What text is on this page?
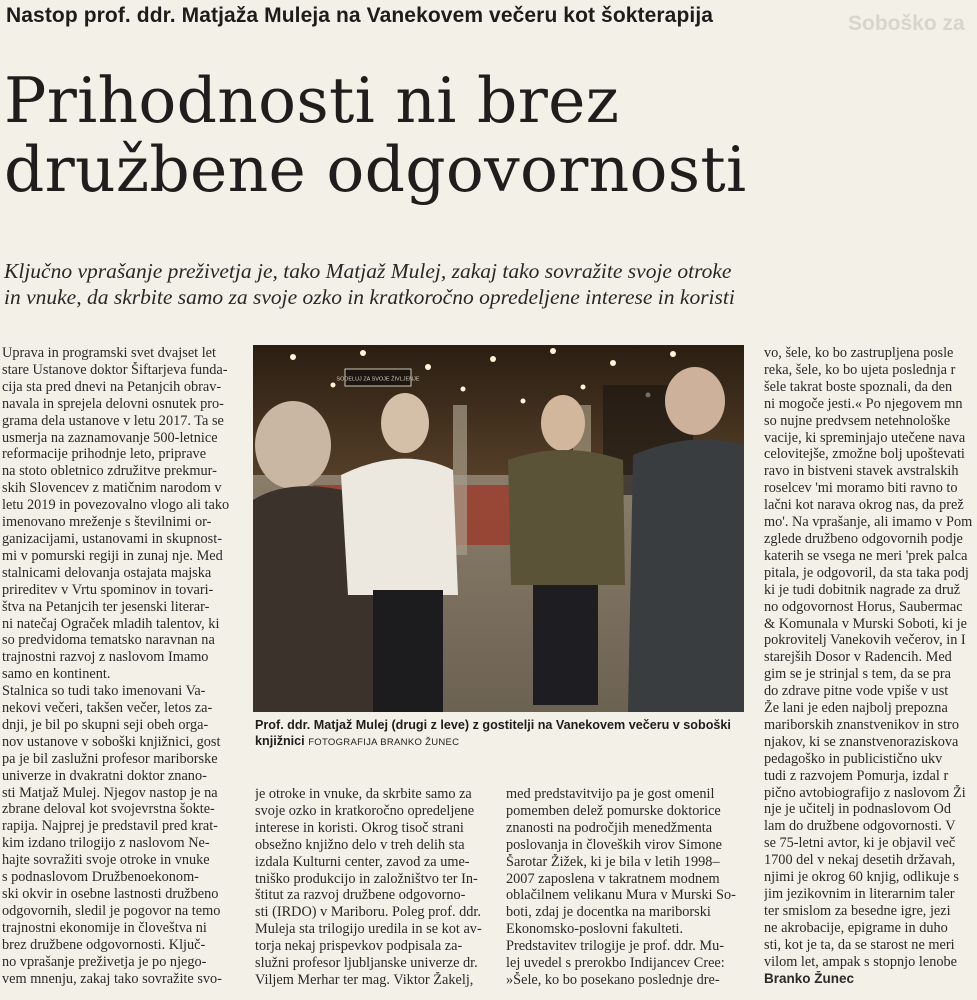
Nastop prof. ddr. Matjaža Muleja na Vanekovem večeru kot šokterapija	Soboško za
Prihodnosti ni brez
družbene odgovornosti
Ključno vprašanje preživetja je, tako Matjaž Mulej, zakaj tako sovražite svoje otroke
in vnuke, da skrbite samo za svoje ozko in kratkoročno opredeljene interese in koristi
Uprava in programski svet dvajset let
stare Ustanove doktor Šiftarjeva funda-
cija sta pred dnevi na Petanjcih obrav-
navala in sprejela delovni osnutek pro-
grama dela ustanove v letu 2017. Ta se
usmerja na zaznamovanje 500-letnice
reformacije prihodnje leto, priprave
na stoto obletnico združitve prekmur-
skih Slovencev z matičnim narodom v
letu 2019 in povezovalno vlogo ali tako
imenovano mreženje s številnimi or-
ganizacijami, ustanovami in skupnost-
mi v pomurski regiji in zunaj nje. Med
stalnicami delovanja ostajata majska
prireditev v Vrtu spominov in tovari-
štva na Petanjcih ter jesenski literar-
ni natečaj Ograček mladih talentov, ki
so predvidoma tematsko naravnan na
trajnostni razvoj z naslovom Imamo
samo en kontinent.
Stalnica so tudi tako imenovani Va-
nekovi večeri, takšen večer, letos za-
dnji, je bil po skupni seji obeh orga-
nov ustanove v soboški knjižnici, gost
pa je bil zaslužni profesor mariborske
univerze in dvakratni doktor znano-
sti Matjaž Mulej. Njegov nastop je na
zbrane deloval kot svojevrstna šokte-
rapija. Najprej je predstavil pred krat-
kim izdano trilogijo z naslovom Ne-
hajte sovražiti svoje otroke in vnuke
s podnaslovom Družbenoekonom-
ski okvir in osebne lastnosti družbeno
odgovornih, sledil je pogovor na temo
trajnostni ekonomije in človeštva ni
brez družbene odgovornosti. Ključ-
no vprašanje preživetja je po njego-
vem mnenju, zakaj tako sovražite svo-
SODELUJ ZA SVOJE ŽIVLJENJE
Prof. ddr. Matjaž Mulej (drugi z leve) z gostitelji na Vanekovem večeru v soboški knjižnici FOTOGRAFIJA BRANKO ŽUNEC
je otroke in vnuke, da skrbite samo za
svoje ozko in kratkoročno opredeljene
interese in koristi. Okrog tisoč strani
obsežno knjižno delo v treh delih sta
izdala Kulturni center, zavod za ume-
tniško produkcijo in založništvo ter In-
štitut za razvoj družbene odgovorno-
sti (IRDO) v Mariboru. Poleg prof. ddr.
Muleja sta trilogijo uredila in se kot av-
torja nekaj prispevkov podpisala za-
služni profesor ljubljanske univerze dr.
Viljem Merhar ter mag. Viktor Žakelj,
med predstavitvijo pa je gost omenil
pomemben delež pomurske doktorice
znanosti na področjih menedžmenta
poslovanja in človeških virov Simone
Šarotar Žižek, ki je bila v letih 1998–
2007 zaposlena v takratnem modnem
oblačilnem velikanu Mura v Murski So-
boti, zdaj je docentka na mariborski
Ekonomsko-poslovni fakulteti.
Predstavitev trilogije je prof. ddr. Mu-
lej uvedel s prerokbo Indijancev Cree:
»Šele, ko bo posekano poslednje dre-
vo, šele, ko bo zastrupljena posle
reka, šele, ko bo ujeta poslednja r
šele takrat boste spoznali, da den
ni mogoče jesti.« Po njegovem mn
so nujne predvsem netehnološke
vacije, ki spreminjajo utečene nava
celovitejše, zmožne bolj upoštevati
ravo in bistveni stavek avstralskih
roselcev 'mi moramo biti ravno to
lačni kot narava okrog nas, da prež
mo'. Na vprašanje, ali imamo v Pom
zglede družbeno odgovornih podje
katerih se vsega ne meri 'prek palca
pitala, je odgovoril, da sta taka podj
ki je tudi dobitnik nagrade za druž
no odgovornost Horus, Saubermac
& Komunala v Murski Soboti, ki je
pokrovitelj Vanekovih večerov, in I
starejših Dosor v Radencih. Med
gim se je strinjal s tem, da se pra
do zdrave pitne vode vpiše v ust
Že lani je eden najbolj prepozna
mariborskih znanstvenikov in stro
njakov, ki se znanstvenoraziskova
pedagoško in publicistično ukv
tudi z razvojem Pomurja, izdal r
pično avtobiografijo z naslovom Ži
nje je učitelj in podnaslovom Od
lam do družbene odgovornosti. V
se 75-letni avtor, ki je objavil več
1700 del v nekaj desetih državah,
njimi je okrog 60 knjig, odlikuje s
jim jezikovnim in literarnim taler
ter smislom za besedne igre, jezi
ne akrobacije, epigrame in duho
sti, kot je ta, da se starost ne meri
vilom let, ampak s stopnjo lenobe
Branko Žunec
